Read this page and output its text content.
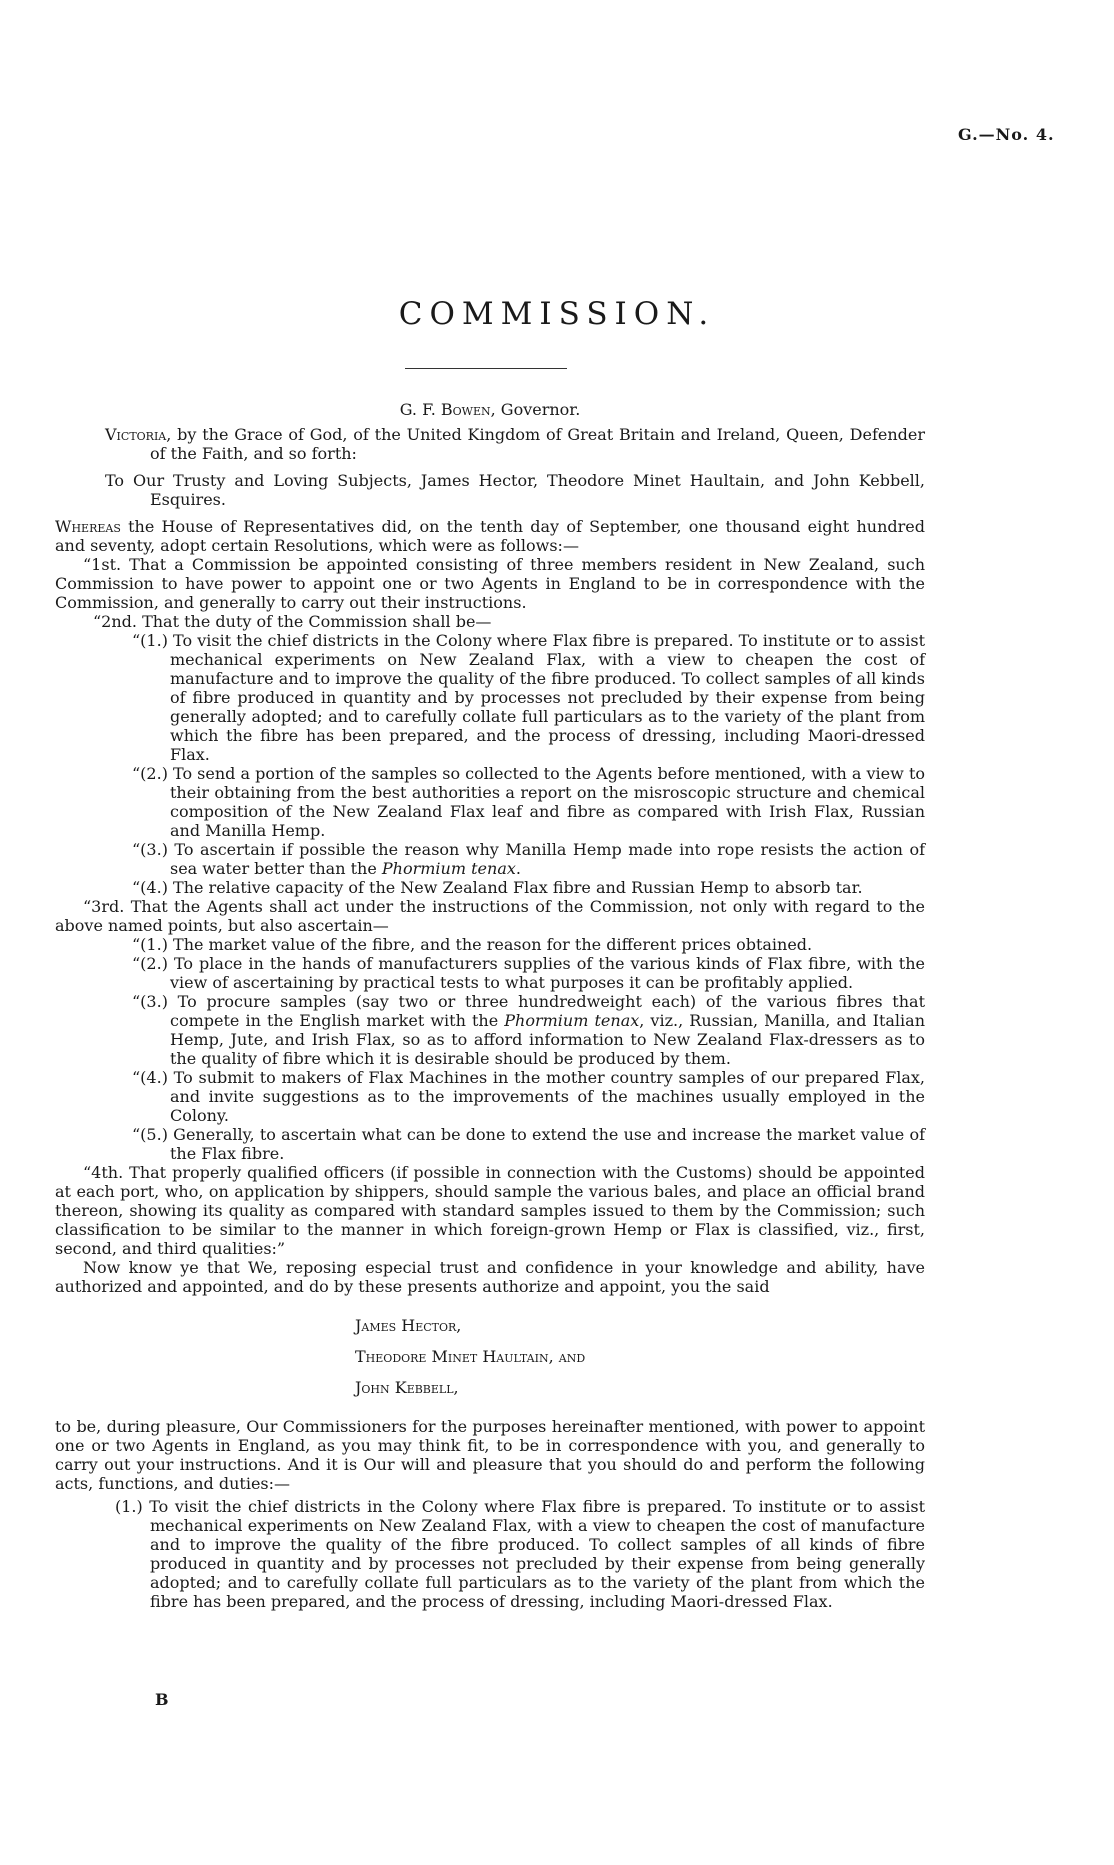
G.—No. 4.
COMMISSION.

G. F. Bowen, Governor.

Victoria, by the Grace of God, of the United Kingdom of Great Britain and Ireland, Queen, Defender of the Faith, and so forth:

To Our Trusty and Loving Subjects, James Hector, Theodore Minet Haultain, and John Kebbell, Esquires.

Whereas the House of Representatives did, on the tenth day of September, one thousand eight hundred and seventy, adopt certain Resolutions, which were as follows:—

“1st. That a Commission be appointed consisting of three members resident in New Zealand, such Commission to have power to appoint one or two Agents in England to be in correspondence with the Commission, and generally to carry out their instructions.

“2nd. That the duty of the Commission shall be—

“(1.) To visit the chief districts in the Colony where Flax fibre is prepared. To institute or to assist mechanical experiments on New Zealand Flax, with a view to cheapen the cost of manufacture and to improve the quality of the fibre produced. To collect samples of all kinds of fibre produced in quantity and by processes not precluded by their expense from being generally adopted; and to carefully collate full particulars as to the variety of the plant from which the fibre has been prepared, and the process of dressing, including Maori-dressed Flax.

“(2.) To send a portion of the samples so collected to the Agents before mentioned, with a view to their obtaining from the best authorities a report on the misroscopic structure and chemical composition of the New Zealand Flax leaf and fibre as compared with Irish Flax, Russian and Manilla Hemp.

“(3.) To ascertain if possible the reason why Manilla Hemp made into rope resists the action of sea water better than the Phormium tenax.

“(4.) The relative capacity of the New Zealand Flax fibre and Russian Hemp to absorb tar.

“3rd. That the Agents shall act under the instructions of the Commission, not only with regard to the above named points, but also ascertain—

“(1.) The market value of the fibre, and the reason for the different prices obtained.

“(2.) To place in the hands of manufacturers supplies of the various kinds of Flax fibre, with the view of ascertaining by practical tests to what purposes it can be profitably applied.

“(3.) To procure samples (say two or three hundredweight each) of the various fibres that compete in the English market with the Phormium tenax, viz., Russian, Manilla, and Italian Hemp, Jute, and Irish Flax, so as to afford information to New Zealand Flax-dressers as to the quality of fibre which it is desirable should be produced by them.

“(4.) To submit to makers of Flax Machines in the mother country samples of our prepared Flax, and invite suggestions as to the improvements of the machines usually employed in the Colony.

“(5.) Generally, to ascertain what can be done to extend the use and increase the market value of the Flax fibre.

“4th. That properly qualified officers (if possible in connection with the Customs) should be appointed at each port, who, on application by shippers, should sample the various bales, and place an official brand thereon, showing its quality as compared with standard samples issued to them by the Commission; such classification to be similar to the manner in which foreign-grown Hemp or Flax is classified, viz., first, second, and third qualities:”

Now know ye that We, reposing especial trust and confidence in your knowledge and ability, have authorized and appointed, and do by these presents authorize and appoint, you the said

James Hector,
Theodore Minet Haultain, and
John Kebbell,

to be, during pleasure, Our Commissioners for the purposes hereinafter mentioned, with power to appoint one or two Agents in England, as you may think fit, to be in correspondence with you, and generally to carry out your instructions. And it is Our will and pleasure that you should do and perform the following acts, functions, and duties:—

(1.) To visit the chief districts in the Colony where Flax fibre is prepared. To institute or to assist mechanical experiments on New Zealand Flax, with a view to cheapen the cost of manufacture and to improve the quality of the fibre produced. To collect samples of all kinds of fibre produced in quantity and by processes not precluded by their expense from being generally adopted; and to carefully collate full particulars as to the variety of the plant from which the fibre has been prepared, and the process of dressing, including Maori-dressed Flax.

B
